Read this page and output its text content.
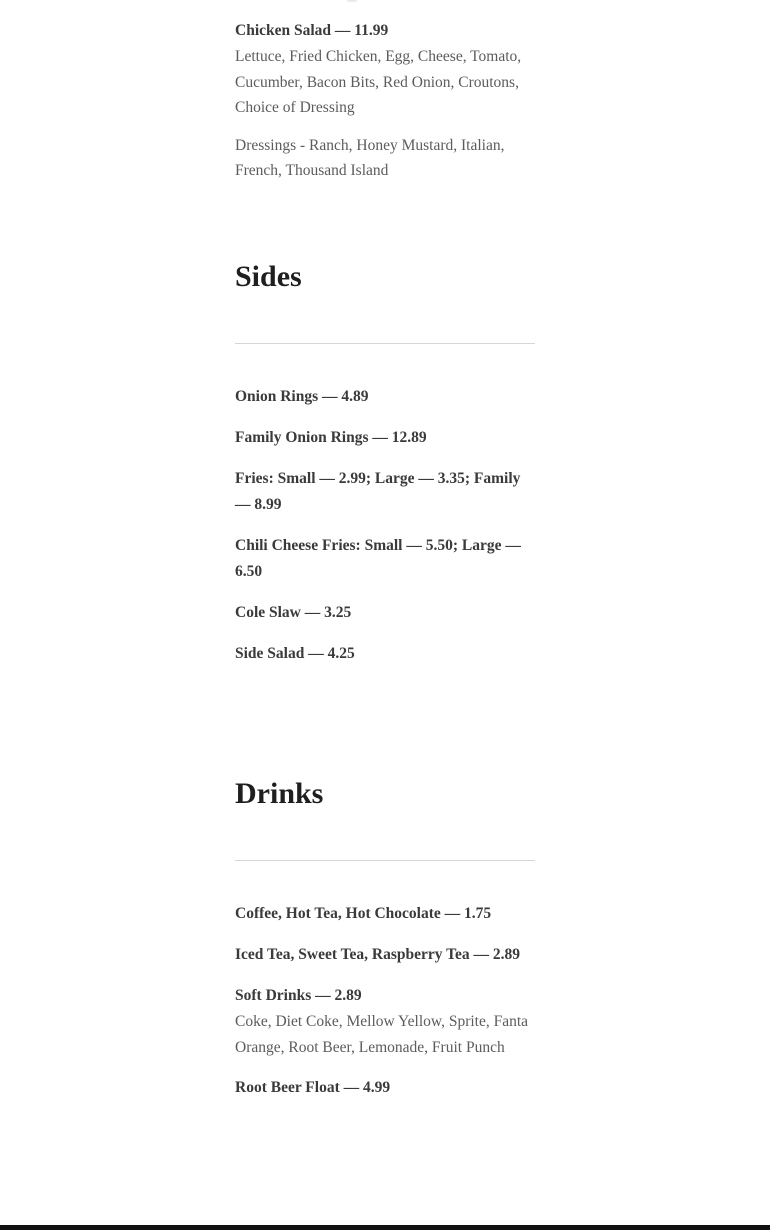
Chicken Salad — 11.99
Lettuce, Fried Chicken, Egg, Cheese, Tomato, Cucumber, Bacon Bits, Red Onion, Croutons, Choice of Dressing

Dressings - Ranch, Honey Mustard, Italian, French, Thousand Island

Sides
Onion Rings — 4.89
Family Onion Rings — 12.89
Fries: Small — 2.99; Large — 3.35; Family — 8.99
Chili Cheese Fries: Small — 5.50; Large — 6.50
Cole Slaw — 3.25
Side Salad — 4.25
Drinks
Coffee, Hot Tea, Hot Chocolate — 1.75
Iced Tea, Sweet Tea, Raspberry Tea — 2.89
Soft Drinks — 2.89
Coke, Diet Coke, Mellow Yellow, Sprite, Fanta Orange, Root Beer, Lemonade, Fruit Punch
Root Beer Float — 4.99
